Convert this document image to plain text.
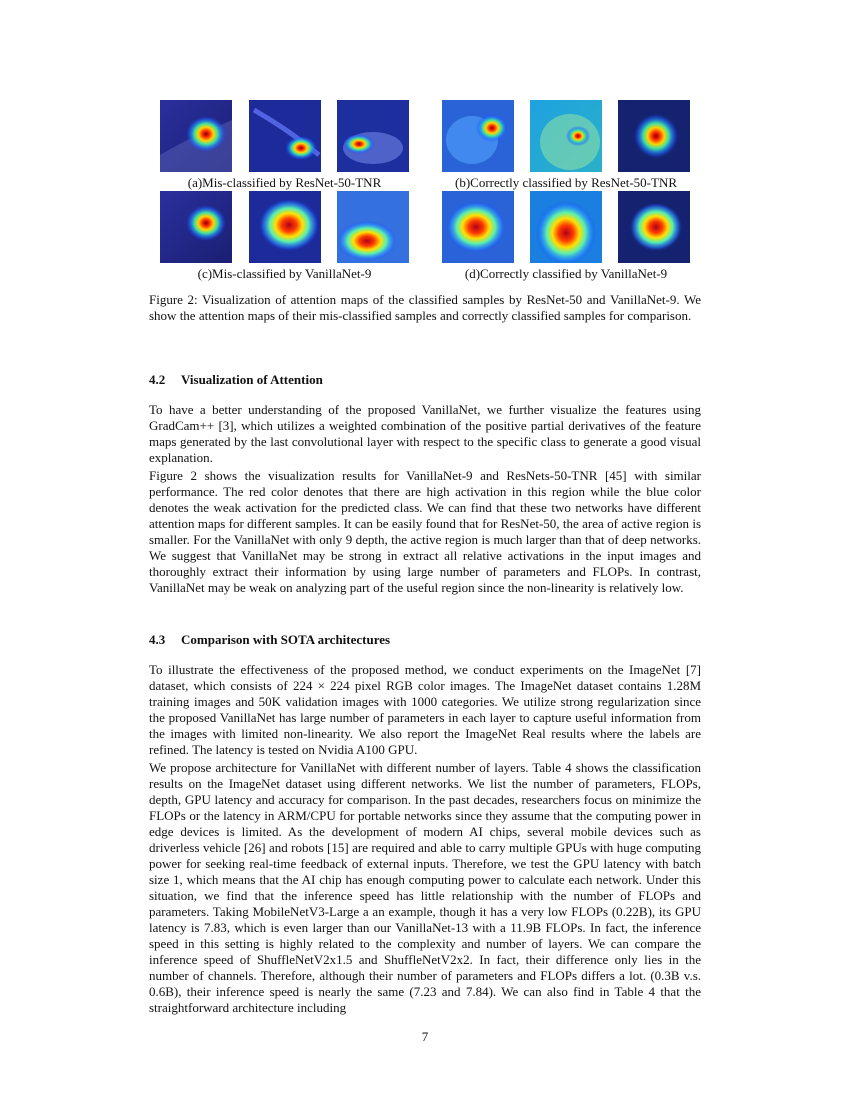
(a)Mis-classified by ResNet-50-TNR	(b)Correctly classified by ResNet-50-TNR
(c)Mis-classified by VanillaNet-9	(d)Correctly classified by VanillaNet-9
Figure 2: Visualization of attention maps of the classified samples by ResNet-50 and VanillaNet-9. We show the attention maps of their mis-classified samples and correctly classified samples for comparison.
4.2 Visualization of Attention

To have a better understanding of the proposed VanillaNet, we further visualize the features using GradCam++ [3], which utilizes a weighted combination of the positive partial derivatives of the feature maps generated by the last convolutional layer with respect to the specific class to generate a good visual explanation.

Figure 2 shows the visualization results for VanillaNet-9 and ResNets-50-TNR [45] with similar performance. The red color denotes that there are high activation in this region while the blue color denotes the weak activation for the predicted class. We can find that these two networks have different attention maps for different samples. It can be easily found that for ResNet-50, the area of active region is smaller. For the VanillaNet with only 9 depth, the active region is much larger than that of deep networks. We suggest that VanillaNet may be strong in extract all relative activations in the input images and thoroughly extract their information by using large number of parameters and FLOPs. In contrast, VanillaNet may be weak on analyzing part of the useful region since the non-linearity is relatively low.

4.3 Comparison with SOTA architectures

To illustrate the effectiveness of the proposed method, we conduct experiments on the ImageNet [7] dataset, which consists of 224 × 224 pixel RGB color images. The ImageNet dataset contains 1.28M training images and 50K validation images with 1000 categories. We utilize strong regularization since the proposed VanillaNet has large number of parameters in each layer to capture useful information from the images with limited non-linearity. We also report the ImageNet Real results where the labels are refined. The latency is tested on Nvidia A100 GPU.

We propose architecture for VanillaNet with different number of layers. Table 4 shows the classification results on the ImageNet dataset using different networks. We list the number of parameters, FLOPs, depth, GPU latency and accuracy for comparison. In the past decades, researchers focus on minimize the FLOPs or the latency in ARM/CPU for portable networks since they assume that the computing power in edge devices is limited. As the development of modern AI chips, several mobile devices such as driverless vehicle [26] and robots [15] are required and able to carry multiple GPUs with huge computing power for seeking real-time feedback of external inputs. Therefore, we test the GPU latency with batch size 1, which means that the AI chip has enough computing power to calculate each network. Under this situation, we find that the inference speed has little relationship with the number of FLOPs and parameters. Taking MobileNetV3-Large a an example, though it has a very low FLOPs (0.22B), its GPU latency is 7.83, which is even larger than our VanillaNet-13 with a 11.9B FLOPs. In fact, the inference speed in this setting is highly related to the complexity and number of layers. We can compare the inference speed of ShuffleNetV2x1.5 and ShuffleNetV2x2. In fact, their difference only lies in the number of channels. Therefore, although their number of parameters and FLOPs differs a lot. (0.3B v.s. 0.6B), their inference speed is nearly the same (7.23 and 7.84). We can also find in Table 4 that the straightforward architecture including

7
